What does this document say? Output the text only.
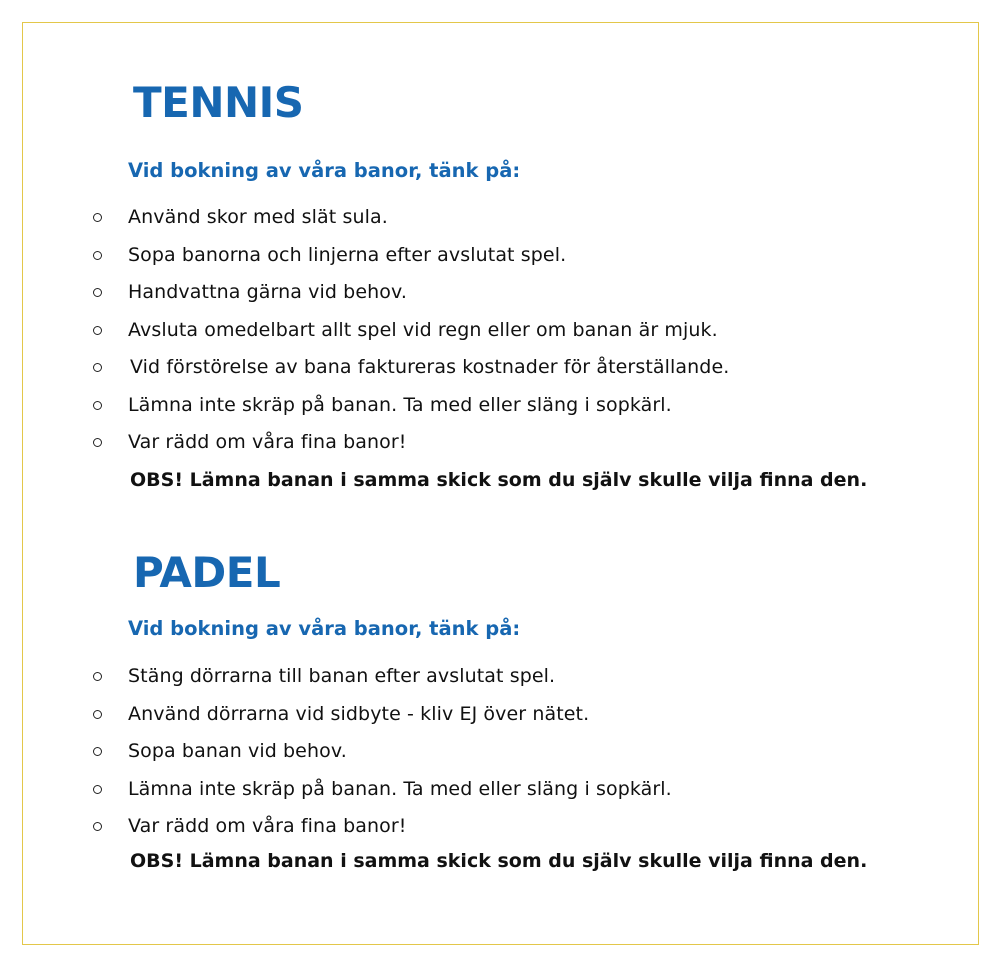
TENNIS
Vid bokning av våra banor, tänk på:
Använd skor med slät sula.
Sopa banorna och linjerna efter avslutat spel.
Handvattna gärna vid behov.
Avsluta omedelbart allt spel vid regn eller om banan är mjuk.
Vid förstörelse av bana faktureras kostnader för återställande.
Lämna inte skräp på banan. Ta med eller släng i sopkärl.
Var rädd om våra fina banor!

OBS! Lämna banan i samma skick som du själv skulle vilja finna den.

PADEL
Vid bokning av våra banor, tänk på:
Stäng dörrarna till banan efter avslutat spel.
Använd dörrarna vid sidbyte - kliv EJ över nätet.
Sopa banan vid behov.
Lämna inte skräp på banan. Ta med eller släng i sopkärl.
Var rädd om våra fina banor!

OBS! Lämna banan i samma skick som du själv skulle vilja finna den.
